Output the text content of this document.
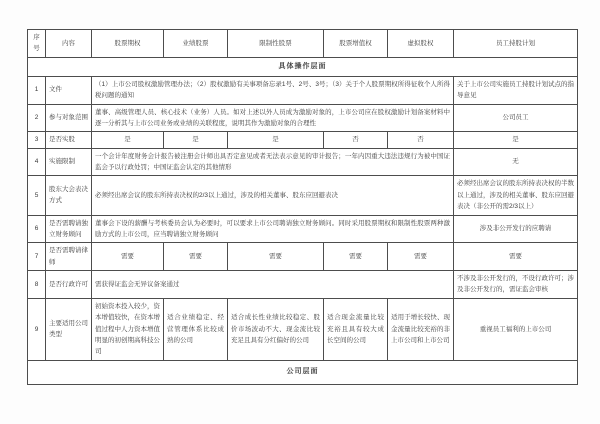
序号	内容	股票期权	业绩股票	限制性股票	股票增值权	虚拟股权	员工持股计划
具体操作层面							
1	文件	（1）上市公司股权激励管理办法；（2）股权激励有关事项备忘录1号、2号、3号；（3）关于个人股票期权所得征收个人所得税问题的通知					关于上市公司实施员工持股计划试点的指导意见
2	参与对象范围	董事、高级管理人员、核心技术（业务）人员。如对上述以外人员成为激励对象的，上市公司应在股权激励计划备案材料中逐一分析其与上市公司业务或业绩的关联程度，说明其作为激励对象的合理性					公司员工
3	是否实股	是	是	是	否	否	是
4	实施限制	一个会计年度财务会计报告被注册会计师出具否定意见或者无法表示意见的审计报告；一年内因重大违法违规行为被中国证监会予以行政处罚；中国证监会认定的其他情形					无
5	股东大会表决方式	必须经出席会议的股东所持表决权的2/3以上通过，涉及的相关董事、股东应回避表决					必须经出席会议的股东所持表决权的半数以上通过，涉及的相关董事、股东应回避表决（非公开的需2/3以上）
6	是否需聘请独立财务顾问	董事会下设的薪酬与考核委员会认为必要时，可以要求上市公司聘请独立财务顾问。同时采用股票期权和限制性股票两种激励方式的上市公司，应当聘请独立财务顾问					涉及非公开发行的应聘请
7	是否需聘请律师	需要	需要	需要	需要	需要	需要
8	是否行政许可	需获得证监会无异议备案通过					不涉及非公开发行的，不设行政许可；涉及非公开发行的，需证监会审核
9	主要适用公司类型	初始资本投入较少，资本增值较快，在资本增值过程中人力资本增值明显的初创期高科技公司	适合业绩稳定、经营管理体系比较成熟的公司	适合成长性业绩比较稳定、股价市场波动不大、现金流比较充足且具有分红偏好的公司	适合现金流量比较充裕且具有较大成长空间的公司	适用于增长较快、现金流量比较充裕的非上市公司和上市公司	重视员工福利的上市公司
公司层面							
